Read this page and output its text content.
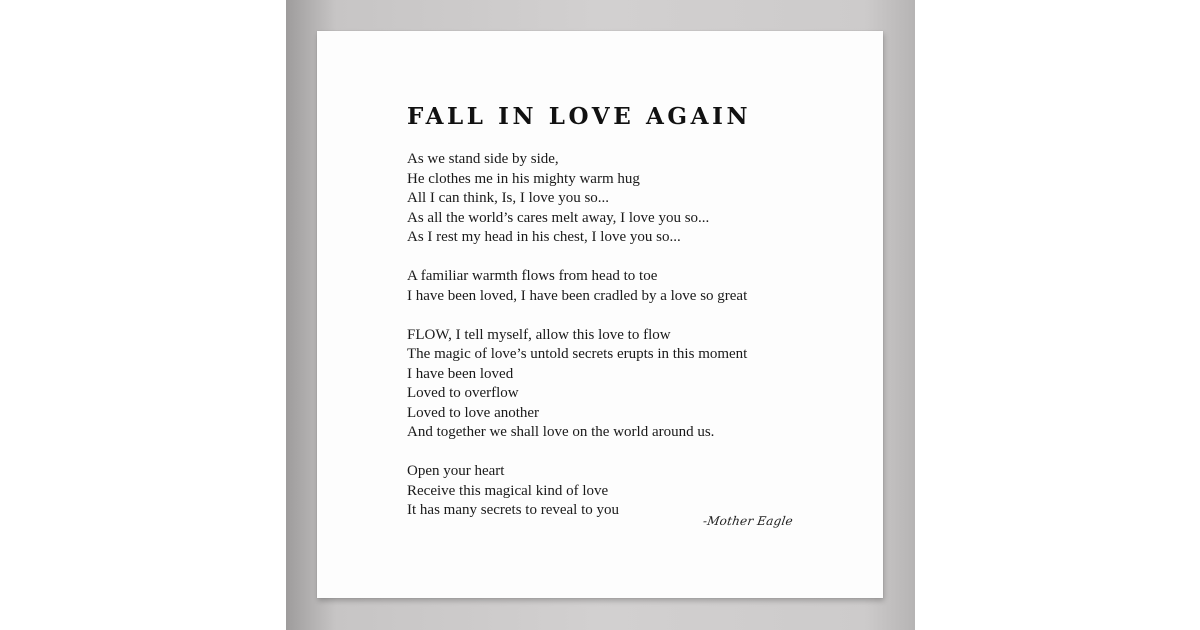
FALL IN LOVE AGAIN
As we stand side by side,
He clothes me in his mighty warm hug
All I can think, Is, I love you so...
As all the world’s cares melt away, I love you so...
As I rest my head in his chest, I love you so...
A familiar warmth flows from head to toe
I have been loved, I have been cradled by a love so great
FLOW, I tell myself, allow this love to flow
The magic of love’s untold secrets erupts in this moment
I have been loved
Loved to overflow
Loved to love another
And together we shall love on the world around us.
Open your heart
Receive this magical kind of love
It has many secrets to reveal to you
-Mother Eagle
